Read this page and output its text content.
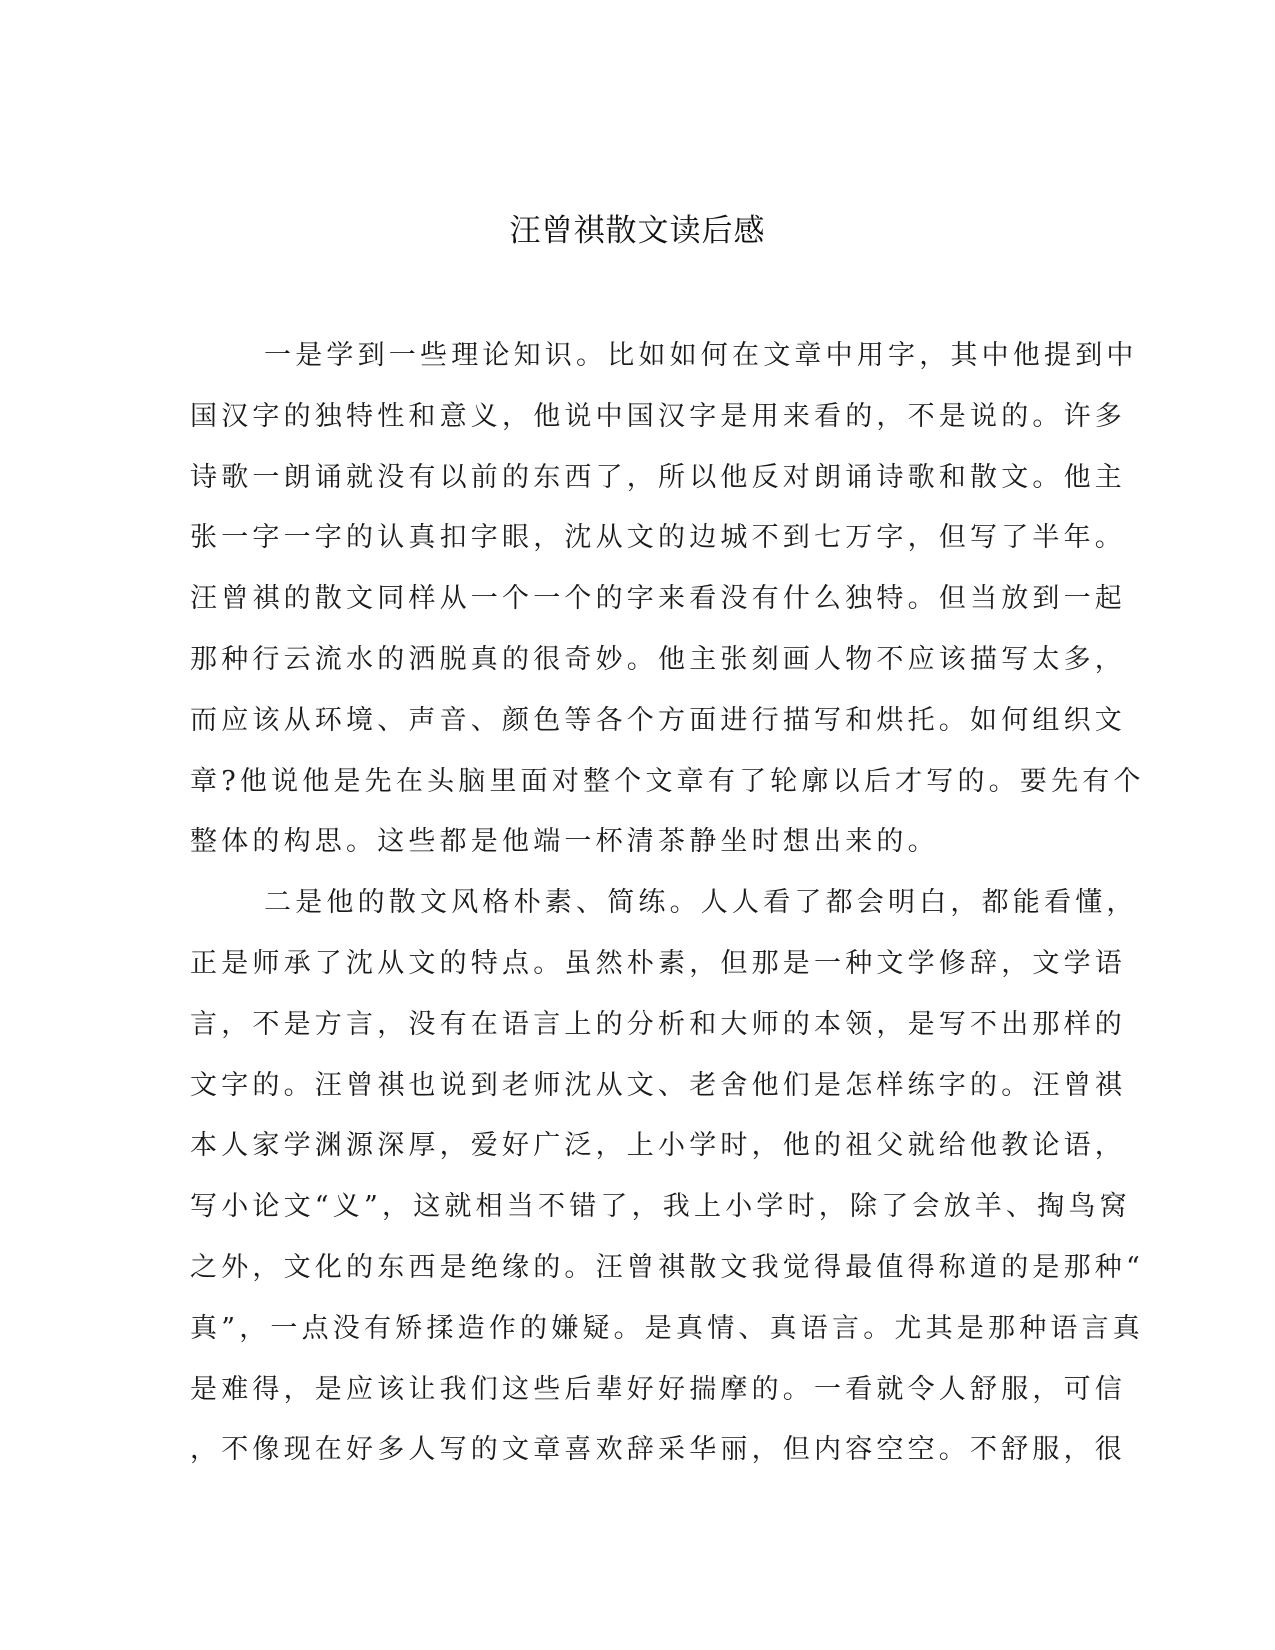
汪曾祺散文读后感
一是学到一些理论知识。比如如何在文章中用字，其中他提到中
国汉字的独特性和意义，他说中国汉字是用来看的，不是说的。许多
诗歌一朗诵就没有以前的东西了，所以他反对朗诵诗歌和散文。他主
张一字一字的认真扣字眼，沈从文的边城不到七万字，但写了半年。
汪曾祺的散文同样从一个一个的字来看没有什么独特。但当放到一起
那种行云流水的洒脱真的很奇妙。他主张刻画人物不应该描写太多，
而应该从环境、声音、颜色等各个方面进行描写和烘托。如何组织文
章?他说他是先在头脑里面对整个文章有了轮廓以后才写的。要先有个
整体的构思。这些都是他端一杯清茶静坐时想出来的。
二是他的散文风格朴素、简练。人人看了都会明白，都能看懂，
正是师承了沈从文的特点。虽然朴素，但那是一种文学修辞，文学语
言，不是方言，没有在语言上的分析和大师的本领，是写不出那样的
文字的。汪曾祺也说到老师沈从文、老舍他们是怎样练字的。汪曾祺
本人家学渊源深厚，爱好广泛，上小学时，他的祖父就给他教论语，
写小论文“义”，这就相当不错了，我上小学时，除了会放羊、掏鸟窝
之外，文化的东西是绝缘的。汪曾祺散文我觉得最值得称道的是那种“
真”，一点没有矫揉造作的嫌疑。是真情、真语言。尤其是那种语言真
是难得，是应该让我们这些后辈好好揣摩的。一看就令人舒服，可信
，不像现在好多人写的文章喜欢辞采华丽，但内容空空。不舒服，很
